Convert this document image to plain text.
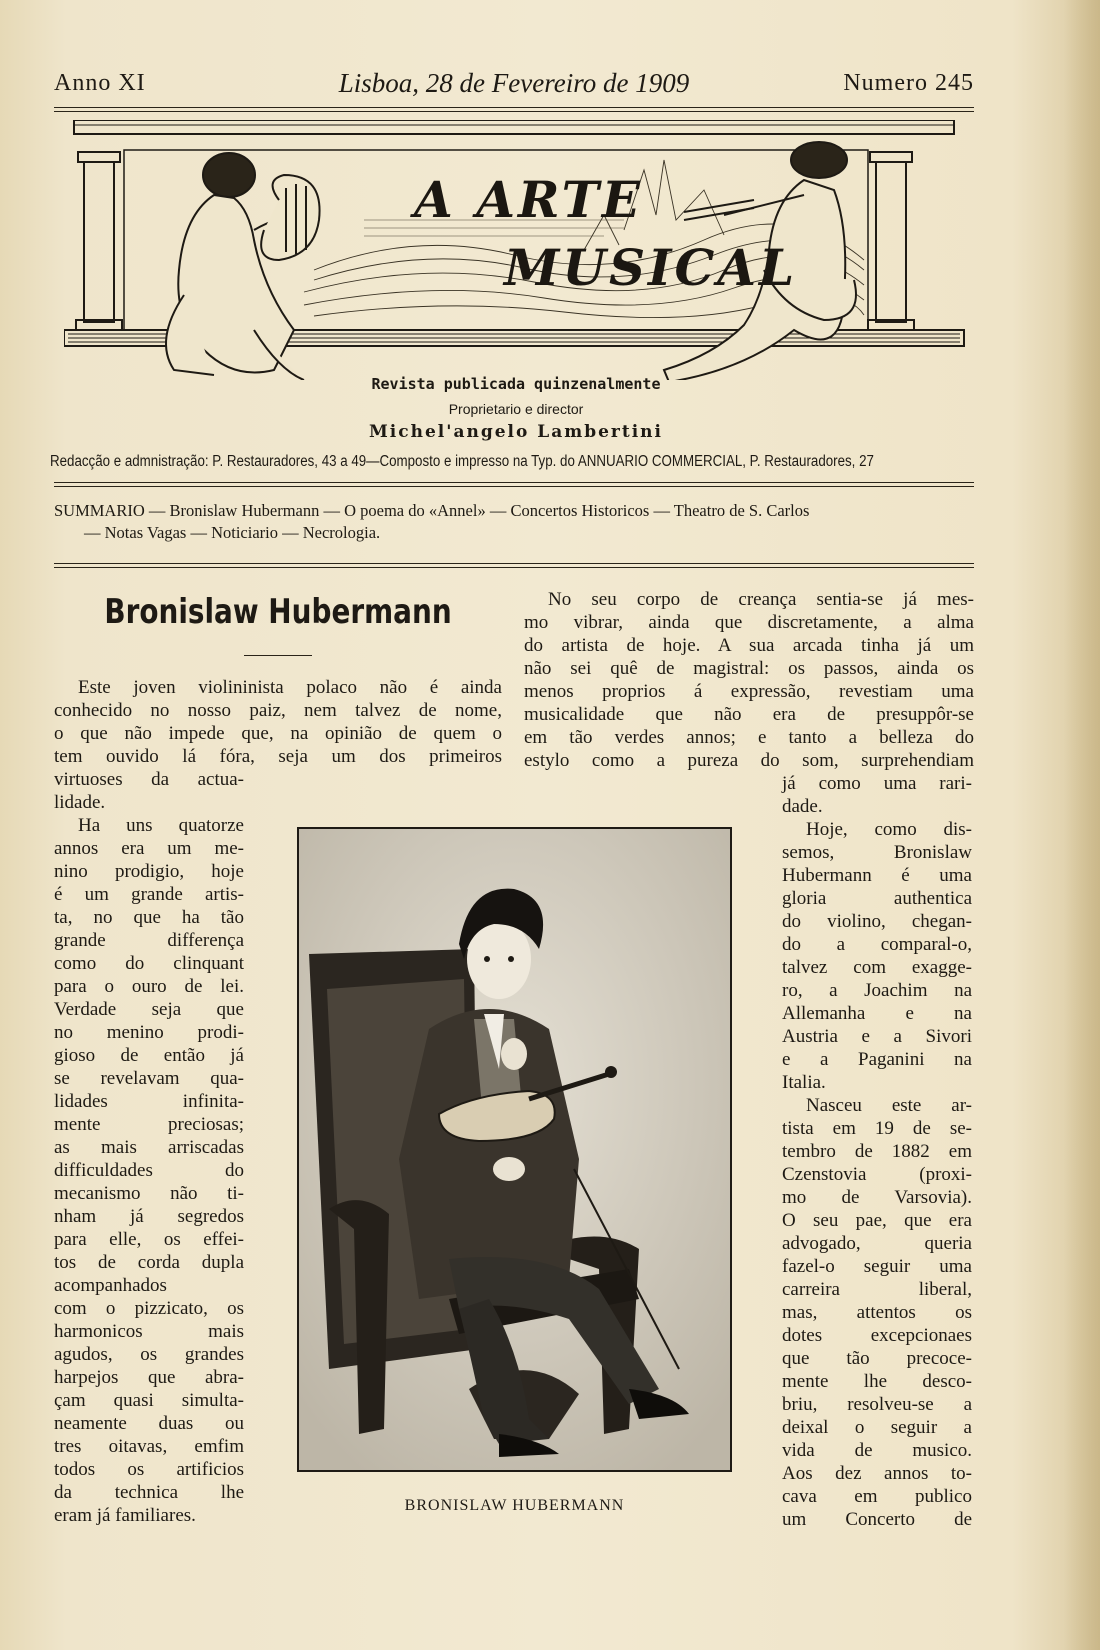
Anno XI	Lisboa, 28 de Fevereiro de 1909	Numero 245
A ARTE
MUSICAL
Revista publicada quinzenalmente
Proprietario e director
Michel'angelo Lambertini
Redacção e admnistração: P. Restauradores, 43 a 49—Composto e impresso na Typ. do ANNUARIO COMMERCIAL, P. Restauradores, 27
SUMMARIO — Bronislaw Hubermann — O poema do «Annel» — Concertos Historicos — Theatro de S. Carlos
— Notas Vagas — Noticiario — Necrologia.
Bronislaw Hubermann
Este joven violininista polaco não é ainda
conhecido no nosso paiz, nem talvez de nome,
o que não impede que, na opinião de quem o
tem ouvido lá fóra, seja um dos primeiros
virtuoses da actua-
lidade.
Ha uns quatorze
annos era um me-
nino prodigio, hoje
é um grande artis-
ta, no que ha tão
grande differença
como do clinquant
para o ouro de lei.
Verdade seja que
no menino prodi-
gioso de então já
se revelavam qua-
lidades infinita-
mente preciosas;
as mais arriscadas
difficuldades do
mecanismo não ti-
nham já segredos
para elle, os effei-
tos de corda dupla
acompanhados
com o pizzicato, os
harmonicos mais
agudos, os grandes
harpejos que abra-
çam quasi simulta-
neamente duas ou
tres oitavas, emfim
todos os artificios
da technica lhe
eram já familiares.
No seu corpo de creança sentia-se já mes-
mo vibrar, ainda que discretamente, a alma
do artista de hoje. A sua arcada tinha já um
não sei quê de magistral: os passos, ainda os
menos proprios á expressão, revestiam uma
musicalidade que não era de presuppôr-se
em tão verdes annos; e tanto a belleza do
estylo como a pureza do som, surprehendiam
já como uma rari-
dade.
Hoje, como dis-
semos, Bronislaw
Hubermann é uma
gloria authentica
do violino, chegan-
do a comparal-o,
talvez com exagge-
ro, a Joachim na
Allemanha e na
Austria e a Sivori
e a Paganini na
Italia.
Nasceu este ar-
tista em 19 de se-
tembro de 1882 em
Czenstovia (proxi-
mo de Varsovia).
O seu pae, que era
advogado, queria
fazel-o seguir uma
carreira liberal,
mas, attentos os
dotes excepcionaes
que tão precoce-
mente lhe desco-
briu, resolveu-se a
deixal o seguir a
vida de musico.
Aos dez annos to-
cava em publico
um Concerto de
BRONISLAW HUBERMANN
